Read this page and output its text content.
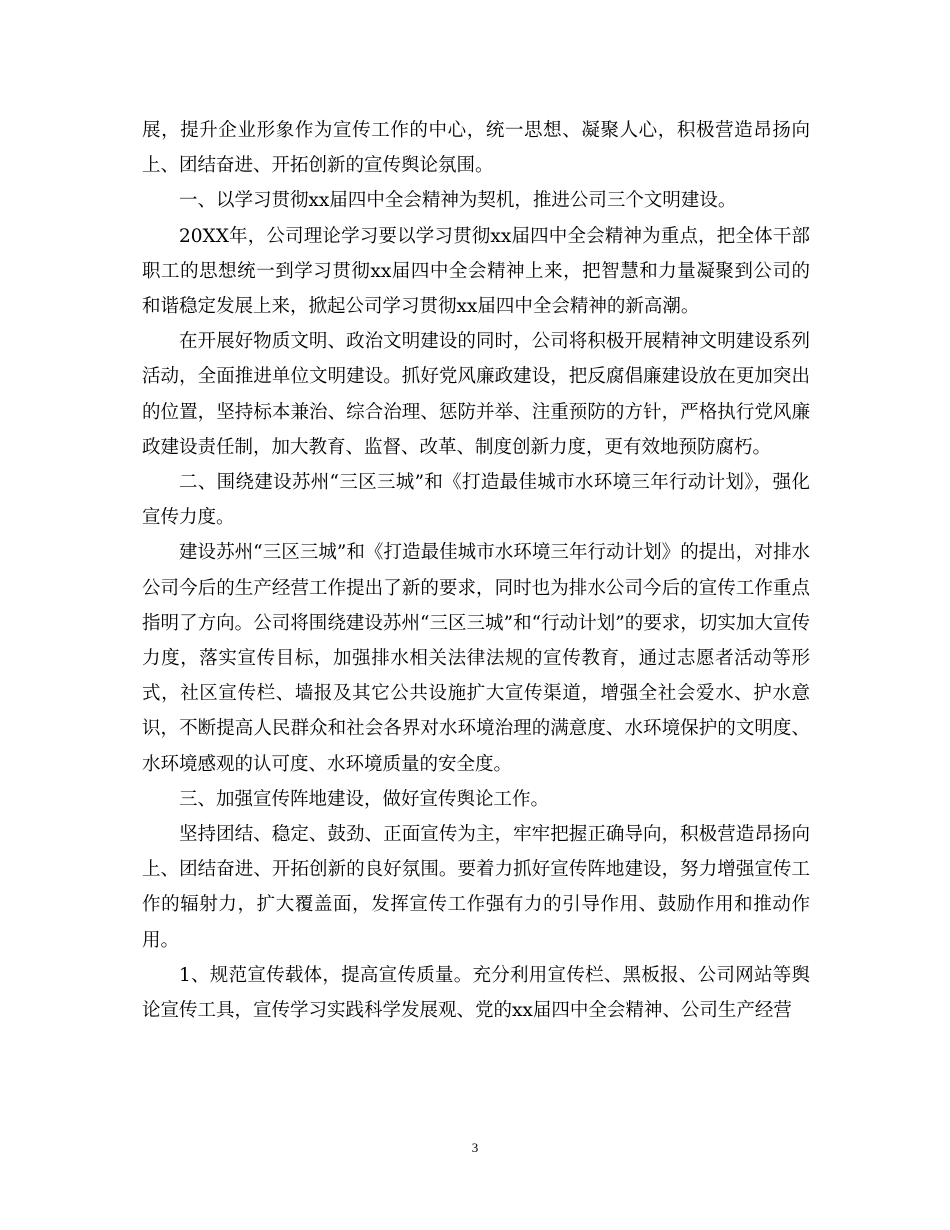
展，提升企业形象作为宣传工作的中心，统一思想、凝聚人心，积极营造昂扬向上、团结奋进、开拓创新的宣传舆论氛围。

一、以学习贯彻xx届四中全会精神为契机，推进公司三个文明建设。

20XX年，公司理论学习要以学习贯彻xx届四中全会精神为重点，把全体干部职工的思想统一到学习贯彻xx届四中全会精神上来，把智慧和力量凝聚到公司的和谐稳定发展上来，掀起公司学习贯彻xx届四中全会精神的新高潮。

在开展好物质文明、政治文明建设的同时，公司将积极开展精神文明建设系列活动，全面推进单位文明建设。抓好党风廉政建设，把反腐倡廉建设放在更加突出的位置，坚持标本兼治、综合治理、惩防并举、注重预防的方针，严格执行党风廉政建设责任制，加大教育、监督、改革、制度创新力度，更有效地预防腐朽。

二、围绕建设苏州“三区三城”和《打造最佳城市水环境三年行动计划》，强化宣传力度。

建设苏州“三区三城”和《打造最佳城市水环境三年行动计划》的提出，对排水公司今后的生产经营工作提出了新的要求，同时也为排水公司今后的宣传工作重点指明了方向。公司将围绕建设苏州“三区三城”和“行动计划”的要求，切实加大宣传力度，落实宣传目标，加强排水相关法律法规的宣传教育，通过志愿者活动等形式，社区宣传栏、墙报及其它公共设施扩大宣传渠道，增强全社会爱水、护水意识，不断提高人民群众和社会各界对水环境治理的满意度、水环境保护的文明度、水环境感观的认可度、水环境质量的安全度。

三、加强宣传阵地建设，做好宣传舆论工作。

坚持团结、稳定、鼓劲、正面宣传为主，牢牢把握正确导向，积极营造昂扬向上、团结奋进、开拓创新的良好氛围。要着力抓好宣传阵地建设，努力增强宣传工作的辐射力，扩大覆盖面，发挥宣传工作强有力的引导作用、鼓励作用和推动作用。

1、规范宣传载体，提高宣传质量。充分利用宣传栏、黑板报、公司网站等舆论宣传工具，宣传学习实践科学发展观、党的xx届四中全会精神、公司生产经营

3
